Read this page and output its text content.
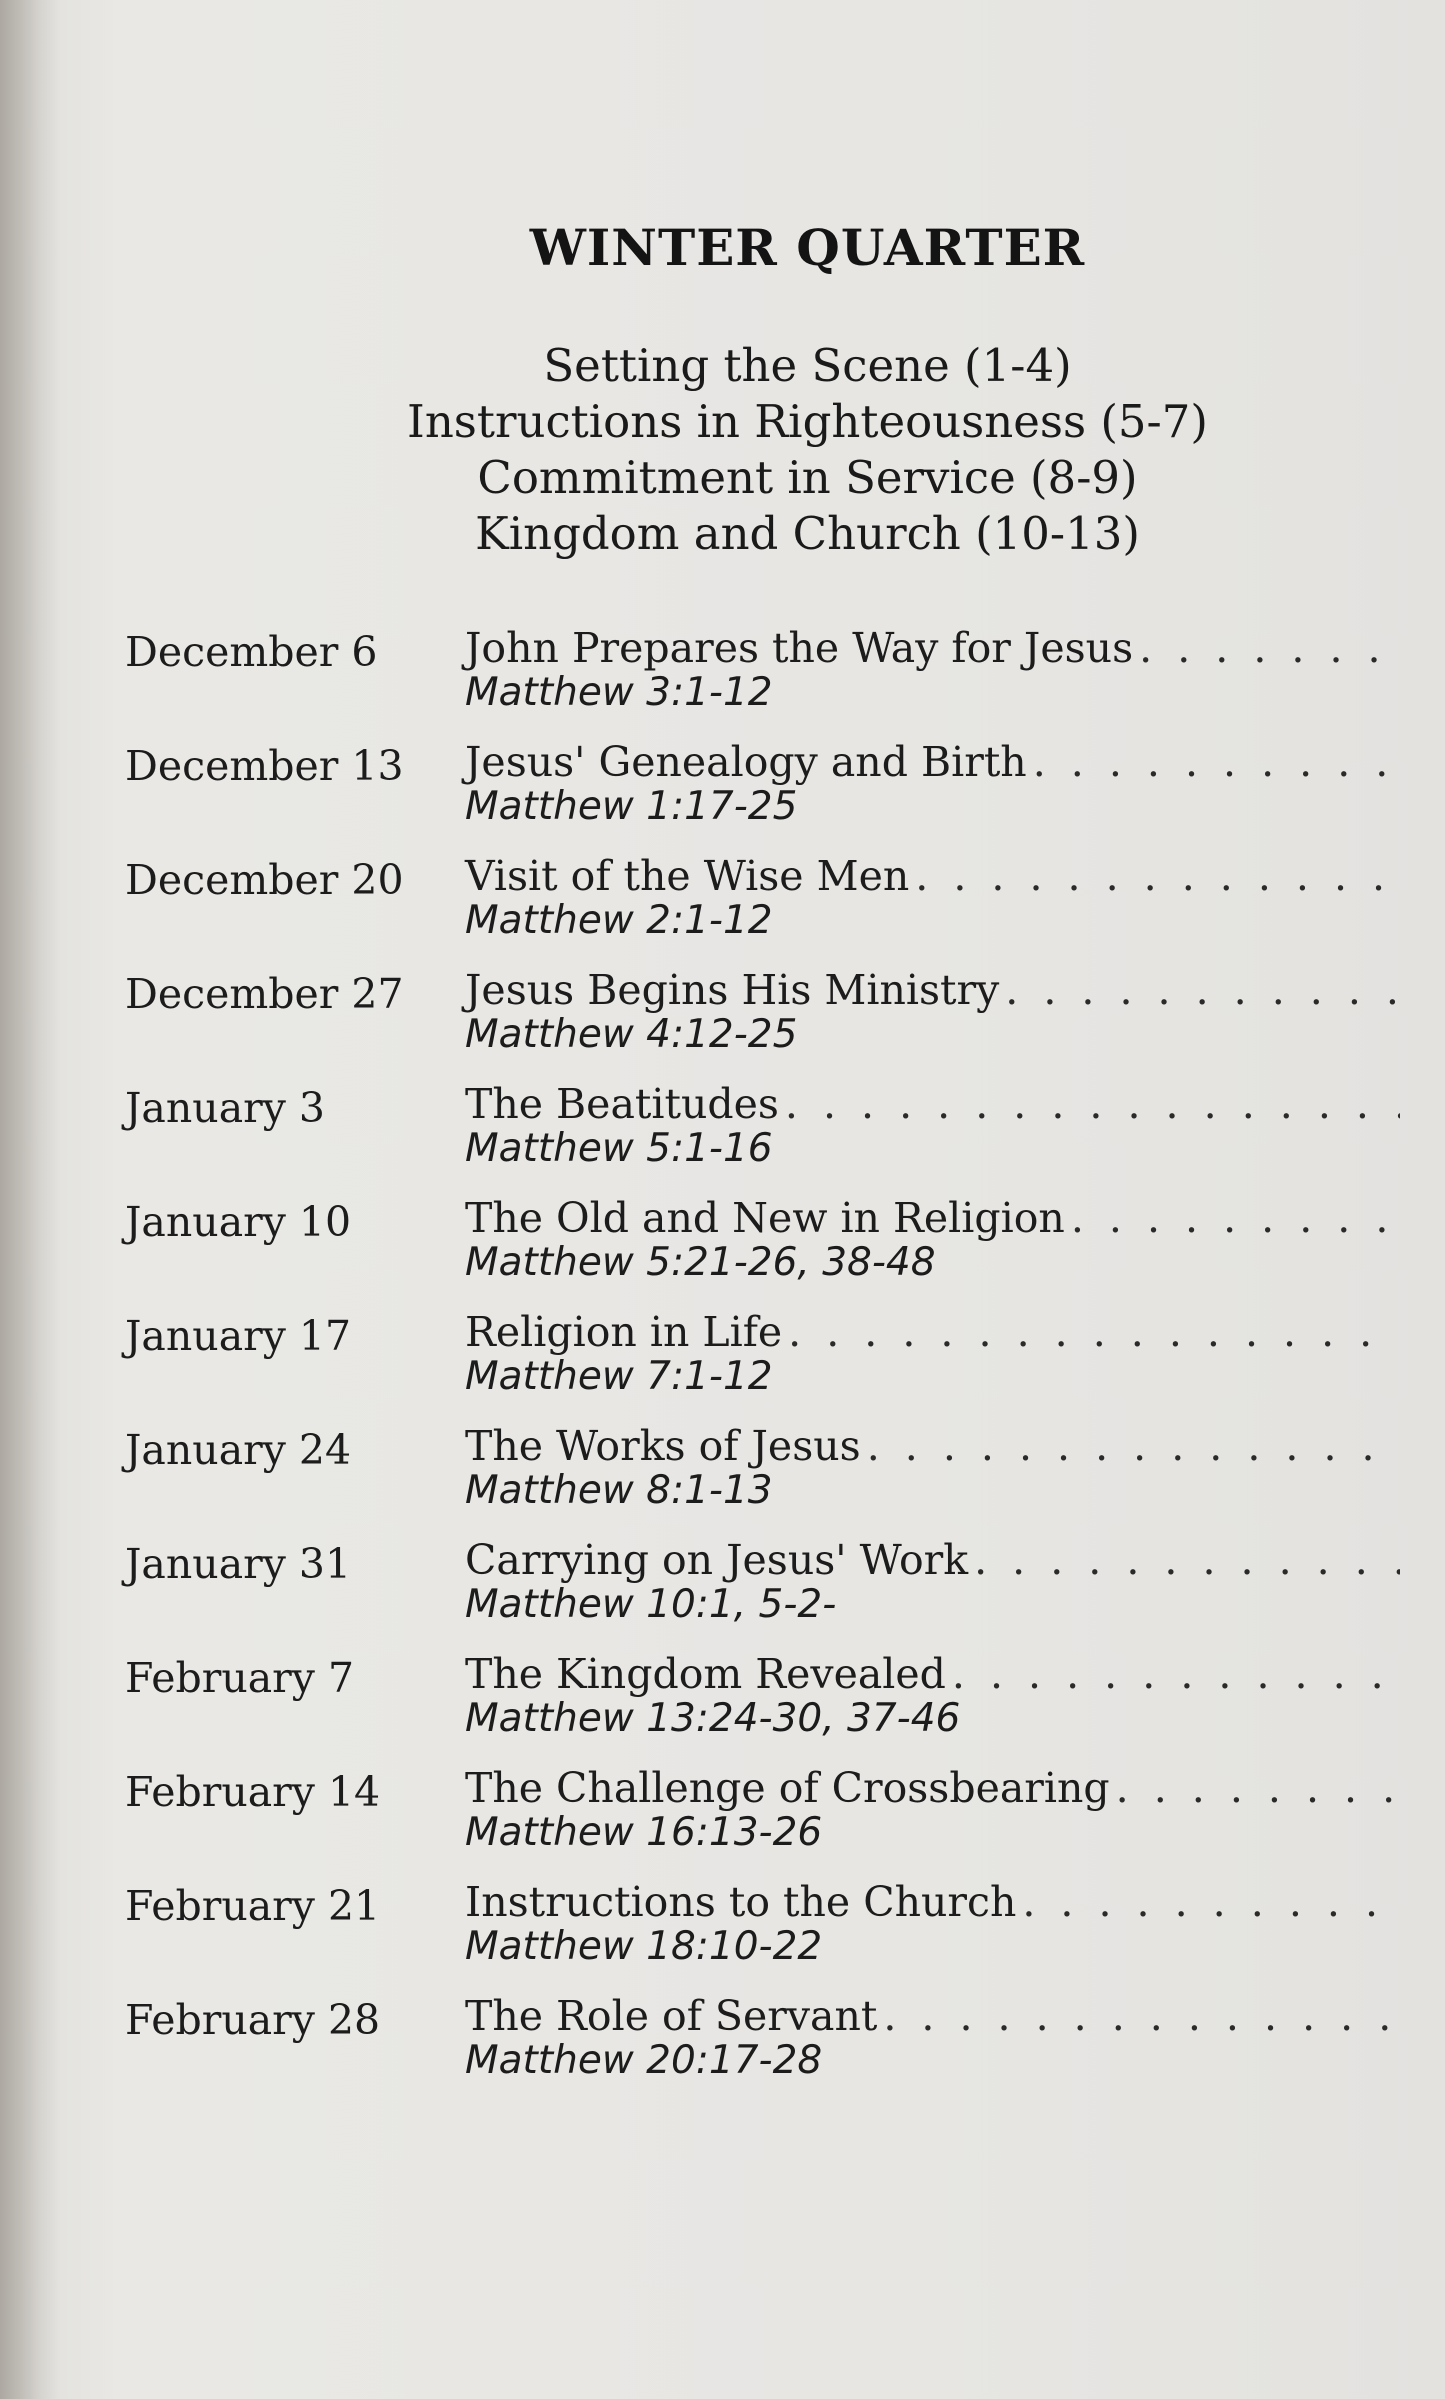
WINTER QUARTER
Setting the Scene (1-4)
Instructions in Righteousness (5-7)
Commitment in Service (8-9)
Kingdom and Church (10-13)
December 6	John Prepares the Way for Jesus
. . .
Matthew 3:1-12
December 13	Jesus' Genealogy and Birth
. . .
Matthew 1:17-25
December 20	Visit of the Wise Men
. . .
Matthew 2:1-12
December 27	Jesus Begins His Ministry
. . .
Matthew 4:12-25
January 3	The Beatitudes
. . .
Matthew 5:1-16
January 10	The Old and New in Religion
. . .
Matthew 5:21-26, 38-48
January 17	Religion in Life
. . .
Matthew 7:1-12
January 24	The Works of Jesus
. . .
Matthew 8:1-13
January 31	Carrying on Jesus' Work
. . .
Matthew 10:1, 5-2-
February 7	The Kingdom Revealed
. . .
Matthew 13:24-30, 37-46
February 14	The Challenge of Crossbearing
. . .
Matthew 16:13-26
February 21	Instructions to the Church
. . .
Matthew 18:10-22
February 28	The Role of Servant
. . .
Matthew 20:17-28
